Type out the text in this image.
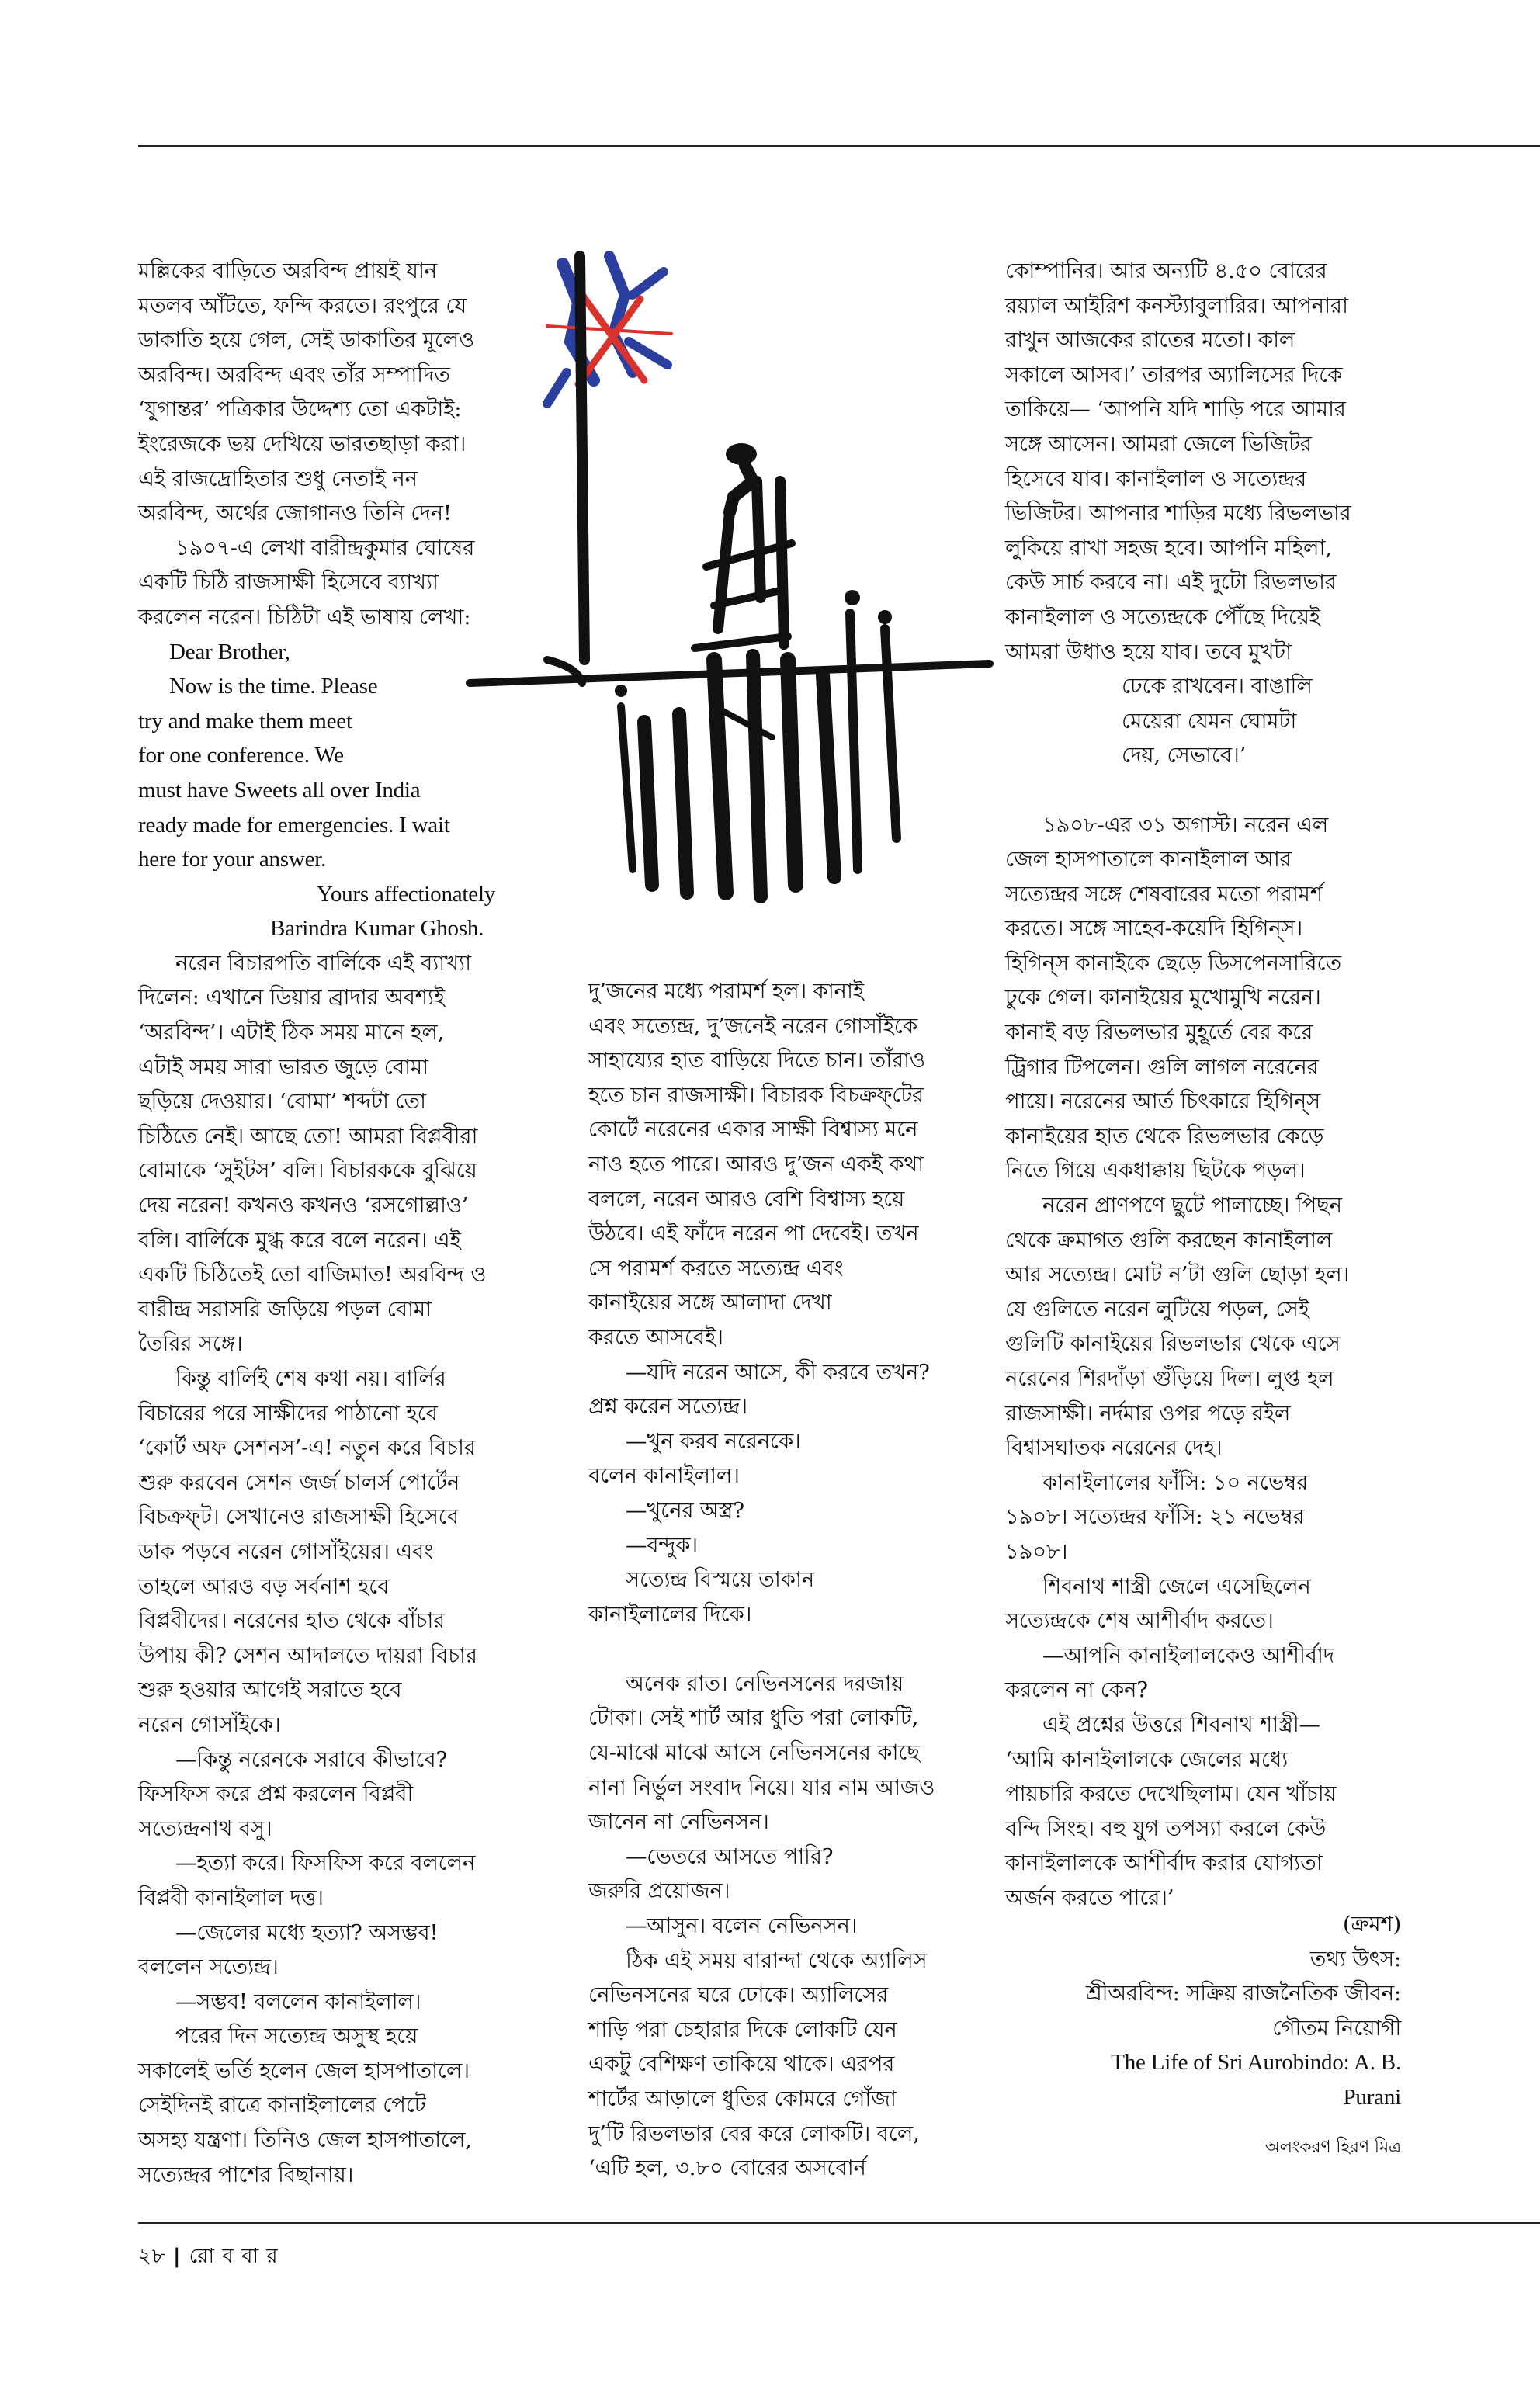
মল্লিকের বাড়িতে অরবিন্দ প্রায়ই যান

মতলব আঁটতে, ফন্দি করতে। রংপুরে যে

ডাকাতি হয়ে গেল, সেই ডাকাতির মূলেও

অরবিন্দ। অরবিন্দ এবং তাঁর সম্পাদিত

‘যুগান্তর’ পত্রিকার উদ্দেশ্য তো একটাই:

ইংরেজকে ভয় দেখিয়ে ভারতছাড়া করা।

এই রাজদ্রোহিতার শুধু নেতাই নন

অরবিন্দ, অর্থের জোগানও তিনি দেন!

১৯০৭-এ লেখা বারীন্দ্রকুমার ঘোষের

একটি চিঠি রাজসাক্ষী হিসেবে ব্যাখ্যা

করলেন নরেন। চিঠিটা এই ভাষায় লেখা:

Dear Brother,

Now is the time. Please

try and make them meet

for one conference. We

must have Sweets all over India

ready made for emergencies. I wait

here for your answer.

Yours affectionately

Barindra Kumar Ghosh.

নরেন বিচারপতি বার্লিকে এই ব্যাখ্যা

দিলেন: এখানে ডিয়ার ব্রাদার অবশ্যই

‘অরবিন্দ’। এটাই ঠিক সময় মানে হল,

এটাই সময় সারা ভারত জুড়ে বোমা

ছড়িয়ে দেওয়ার। ‘বোমা’ শব্দটা তো

চিঠিতে নেই। আছে তো! আমরা বিপ্লবীরা

বোমাকে ‘সুইটস’ বলি। বিচারককে বুঝিয়ে

দেয় নরেন! কখনও কখনও ‘রসগোল্লাও’

বলি। বার্লিকে মুগ্ধ করে বলে নরেন। এই

একটি চিঠিতেই তো বাজিমাত! অরবিন্দ ও

বারীন্দ্র সরাসরি জড়িয়ে পড়ল বোমা

তৈরির সঙ্গে।

কিন্তু বার্লিই শেষ কথা নয়। বার্লির

বিচারের পরে সাক্ষীদের পাঠানো হবে

‘কোর্ট অফ সেশনস’-এ! নতুন করে বিচার

শুরু করবেন সেশন জর্জ চালর্স পোর্টেন

বিচক্রফ্‌ট। সেখানেও রাজসাক্ষী হিসেবে

ডাক পড়বে নরেন গোসাঁইয়ের। এবং

তাহলে আরও বড় সর্বনাশ হবে

বিপ্লবীদের। নরেনের হাত থেকে বাঁচার

উপায় কী? সেশন আদালতে দায়রা বিচার

শুরু হওয়ার আগেই সরাতে হবে

নরেন গোসাঁইকে।

—কিন্তু নরেনকে সরাবে কীভাবে?

ফিসফিস করে প্রশ্ন করলেন বিপ্লবী

সত্যেন্দ্রনাথ বসু।

—হত্যা করে। ফিসফিস করে বললেন

বিপ্লবী কানাইলাল দত্ত।

—জেলের মধ্যে হত্যা? অসম্ভব!

বললেন সত্যেন্দ্র।

—সম্ভব! বললেন কানাইলাল।

পরের দিন সত্যেন্দ্র অসুস্থ হয়ে

সকালেই ভর্তি হলেন জেল হাসপাতালে।

সেইদিনই রাত্রে কানাইলালের পেটে

অসহ্য যন্ত্রণা। তিনিও জেল হাসপাতালে,

সত্যেন্দ্রর পাশের বিছানায়।

দু’জনের মধ্যে পরামর্শ হল। কানাই

এবং সত্যেন্দ্র, দু’জনেই নরেন গোসাঁইকে

সাহায্যের হাত বাড়িয়ে দিতে চান। তাঁরাও

হতে চান রাজসাক্ষী। বিচারক বিচক্রফ্‌টের

কোর্টে নরেনের একার সাক্ষী বিশ্বাস্য মনে

নাও হতে পারে। আরও দু’জন একই কথা

বললে, নরেন আরও বেশি বিশ্বাস্য হয়ে

উঠবে। এই ফাঁদে নরেন পা দেবেই। তখন

সে পরামর্শ করতে সত্যেন্দ্র এবং

কানাইয়ের সঙ্গে আলাদা দেখা

করতে আসবেই।

—যদি নরেন আসে, কী করবে তখন?

প্রশ্ন করেন সত্যেন্দ্র।

—খুন করব নরেনকে।

বলেন কানাইলাল।

—খুনের অস্ত্র?

—বন্দুক।

সত্যেন্দ্র বিস্ময়ে তাকান

কানাইলালের দিকে।

অনেক রাত। নেভিনসনের দরজায়

টোকা। সেই শার্ট আর ধুতি পরা লোকটি,

যে-মাঝে মাঝে আসে নেভিনসনের কাছে

নানা নির্ভুল সংবাদ নিয়ে। যার নাম আজও

জানেন না নেভিনসন।

—ভেতরে আসতে পারি?

জরুরি প্রয়োজন।

—আসুন। বলেন নেভিনসন।

ঠিক এই সময় বারান্দা থেকে অ্যালিস

নেভিনসনের ঘরে ঢোকে। অ্যালিসের

শাড়ি পরা চেহারার দিকে লোকটি যেন

একটু বেশিক্ষণ তাকিয়ে থাকে। এরপর

শার্টের আড়ালে ধুতির কোমরে গোঁজা

দু’টি রিভলভার বের করে লোকটি। বলে,

‘এটি হল, ৩.৮০ বোরের অসবোর্ন

কোম্পানির। আর অন্যটি ৪.৫০ বোরের

রয়্যাল আইরিশ কনস্ট্যাবুলারির। আপনারা

রাখুন আজকের রাতের মতো। কাল

সকালে আসব।’ তারপর অ্যালিসের দিকে

তাকিয়ে— ‘আপনি যদি শাড়ি পরে আমার

সঙ্গে আসেন। আমরা জেলে ভিজিটর

হিসেবে যাব। কানাইলাল ও সত্যেন্দ্রর

ভিজিটর। আপনার শাড়ির মধ্যে রিভলভার

লুকিয়ে রাখা সহজ হবে। আপনি মহিলা,

কেউ সার্চ করবে না। এই দুটো রিভলভার

কানাইলাল ও সত্যেন্দ্রকে পৌঁছে দিয়েই

আমরা উধাও হয়ে যাব। তবে মুখটা

ঢেকে রাখবেন। বাঙালি

মেয়েরা যেমন ঘোমটা

দেয়, সেভাবে।’

১৯০৮-এর ৩১ অগাস্ট। নরেন এল

জেল হাসপাতালে কানাইলাল আর

সত্যেন্দ্রর সঙ্গে শেষবারের মতো পরামর্শ

করতে। সঙ্গে সাহেব-কয়েদি হিগিন্‌স।

হিগিন্‌স কানাইকে ছেড়ে ডিসপেনসারিতে

ঢুকে গেল। কানাইয়ের মুখোমুখি নরেন।

কানাই বড় রিভলভার মুহূর্তে বের করে

ট্রিগার টিপলেন। গুলি লাগল নরেনের

পায়ে। নরেনের আর্ত চিৎকারে হিগিন্‌স

কানাইয়ের হাত থেকে রিভলভার কেড়ে

নিতে গিয়ে একধাক্কায় ছিটকে পড়ল।

নরেন প্রাণপণে ছুটে পালাচ্ছে। পিছন

থেকে ক্রমাগত গুলি করছেন কানাইলাল

আর সত্যেন্দ্র। মোট ন’টা গুলি ছোড়া হল।

যে গুলিতে নরেন লুটিয়ে পড়ল, সেই

গুলিটি কানাইয়ের রিভলভার থেকে এসে

নরেনের শিরদাঁড়া গুঁড়িয়ে দিল। লুপ্ত হল

রাজসাক্ষী। নর্দমার ওপর পড়ে রইল

বিশ্বাসঘাতক নরেনের দেহ।

কানাইলালের ফাঁসি: ১০ নভেম্বর

১৯০৮। সত্যেন্দ্রর ফাঁসি: ২১ নভেম্বর

১৯০৮।

শিবনাথ শাস্ত্রী জেলে এসেছিলেন

সত্যেন্দ্রকে শেষ আশীর্বাদ করতে।

—আপনি কানাইলালকেও আশীর্বাদ

করলেন না কেন?

এই প্রশ্নের উত্তরে শিবনাথ শাস্ত্রী—

‘আমি কানাইলালকে জেলের মধ্যে

পায়চারি করতে দেখেছিলাম। যেন খাঁচায়

বন্দি সিংহ। বহু যুগ তপস্যা করলে কেউ

কানাইলালকে আশীর্বাদ করার যোগ্যতা

অর্জন করতে পারে।’

(ক্রমশ)

তথ্য উৎস:

শ্রীঅরবিন্দ: সক্রিয় রাজনৈতিক জীবন:

গৌতম নিয়োগী

The Life of Sri Aurobindo: A. B.

Purani

অলংকরণ হিরণ মিত্র

২৮ | রো ব বা র
